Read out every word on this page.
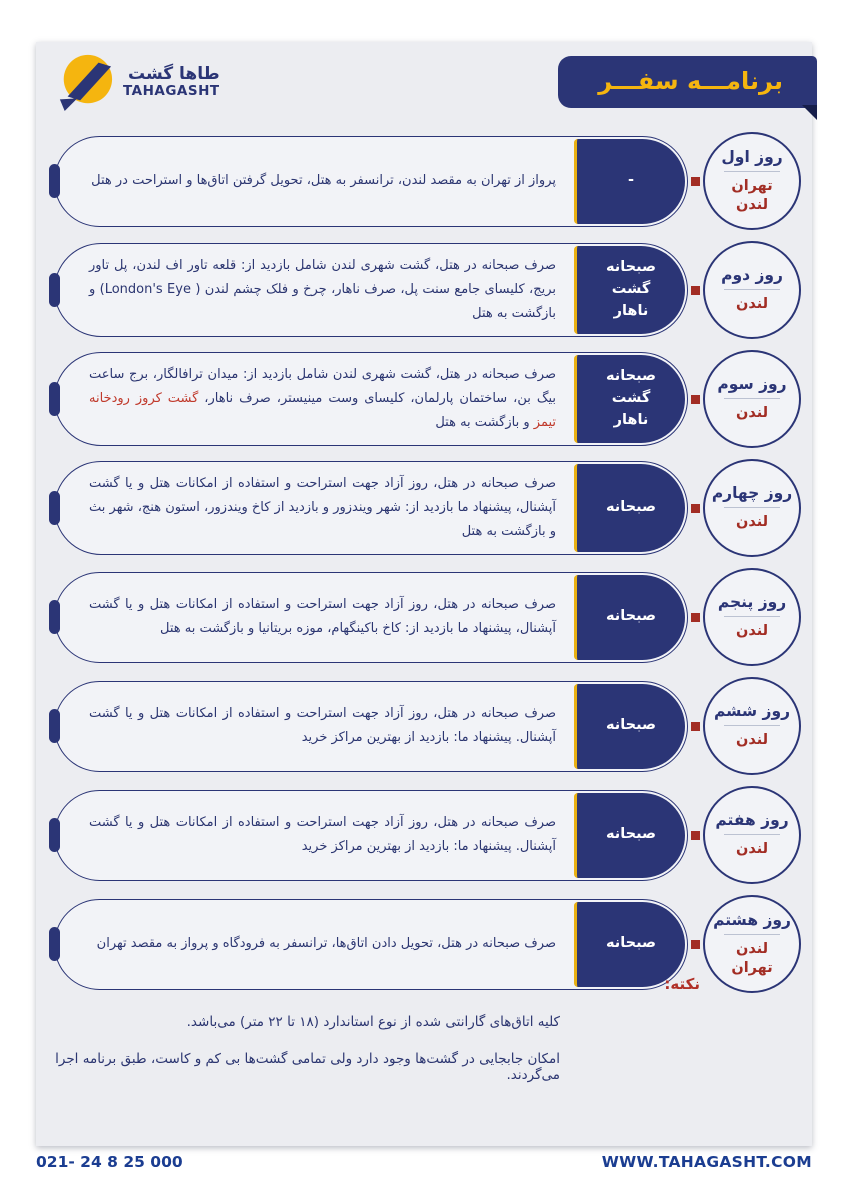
طاها گشت
TAHAGASHT	برنامـــه سفـــر
روز اول
تهران
لندن
-

پرواز از تهران به مقصد لندن، ترانسفر به هتل، تحویل گرفتن اتاق‌ها و استراحت در هتل

روز دوم
لندن
صبحانه
گشت
ناهار

صرف صبحانه در هتل، گشت شهری لندن شامل بازدید از: قلعه تاور اف لندن، پل تاور بریج، کلیسای جامع سنت پل، صرف ناهار، چرخ و فلک چشم لندن ( London's Eye) و بازگشت به هتل

روز سوم
لندن
صبحانه
گشت
ناهار

صرف صبحانه در هتل، گشت شهری لندن شامل بازدید از: میدان ترافالگار، برج ساعت بیگ بن، ساختمان پارلمان، کلیسای وست مینیستر، صرف ناهار، گشت کروز رودخانه تیمز و بازگشت به هتل

روز چهارم
لندن
صبحانه

صرف صبحانه در هتل، روز آزاد جهت استراحت و استفاده از امکانات هتل و یا گشت آپشنال، پیشنهاد ما بازدید از: شهر ویندزور و بازدید از کاخ ویندزور، استون هنج، شهر بث و بازگشت به هتل

روز پنجم
لندن
صبحانه

صرف صبحانه در هتل، روز آزاد جهت استراحت و استفاده از امکانات هتل و یا گشت آپشنال، پیشنهاد ما بازدید از: کاخ باکینگهام، موزه بریتانیا و بازگشت به هتل

روز ششم
لندن
صبحانه

صرف صبحانه در هتل، روز آزاد جهت استراحت و استفاده از امکانات هتل و یا گشت آپشنال. پیشنهاد ما: بازدید از بهترین مراکز خرید

روز هفتم
لندن
صبحانه

صرف صبحانه در هتل، روز آزاد جهت استراحت و استفاده از امکانات هتل و یا گشت آپشنال. پیشنهاد ما: بازدید از بهترین مراکز خرید

روز هشتم
لندن
تهران
صبحانه

صرف صبحانه در هتل، تحویل دادن اتاق‌ها، ترانسفر به فرودگاه و پرواز به مقصد تهران

نکته:
کلیه اتاق‌های گارانتی شده از نوع استاندارد (۱۸ تا ۲۲ متر) می‌باشد.
امکان جابجایی در گشت‌ها وجود دارد ولی تمامی گشت‌ها بی کم و کاست، طبق برنامه اجرا می‌گردند.
021- 24 8 25 000	WWW.TAHAGASHT.COM
